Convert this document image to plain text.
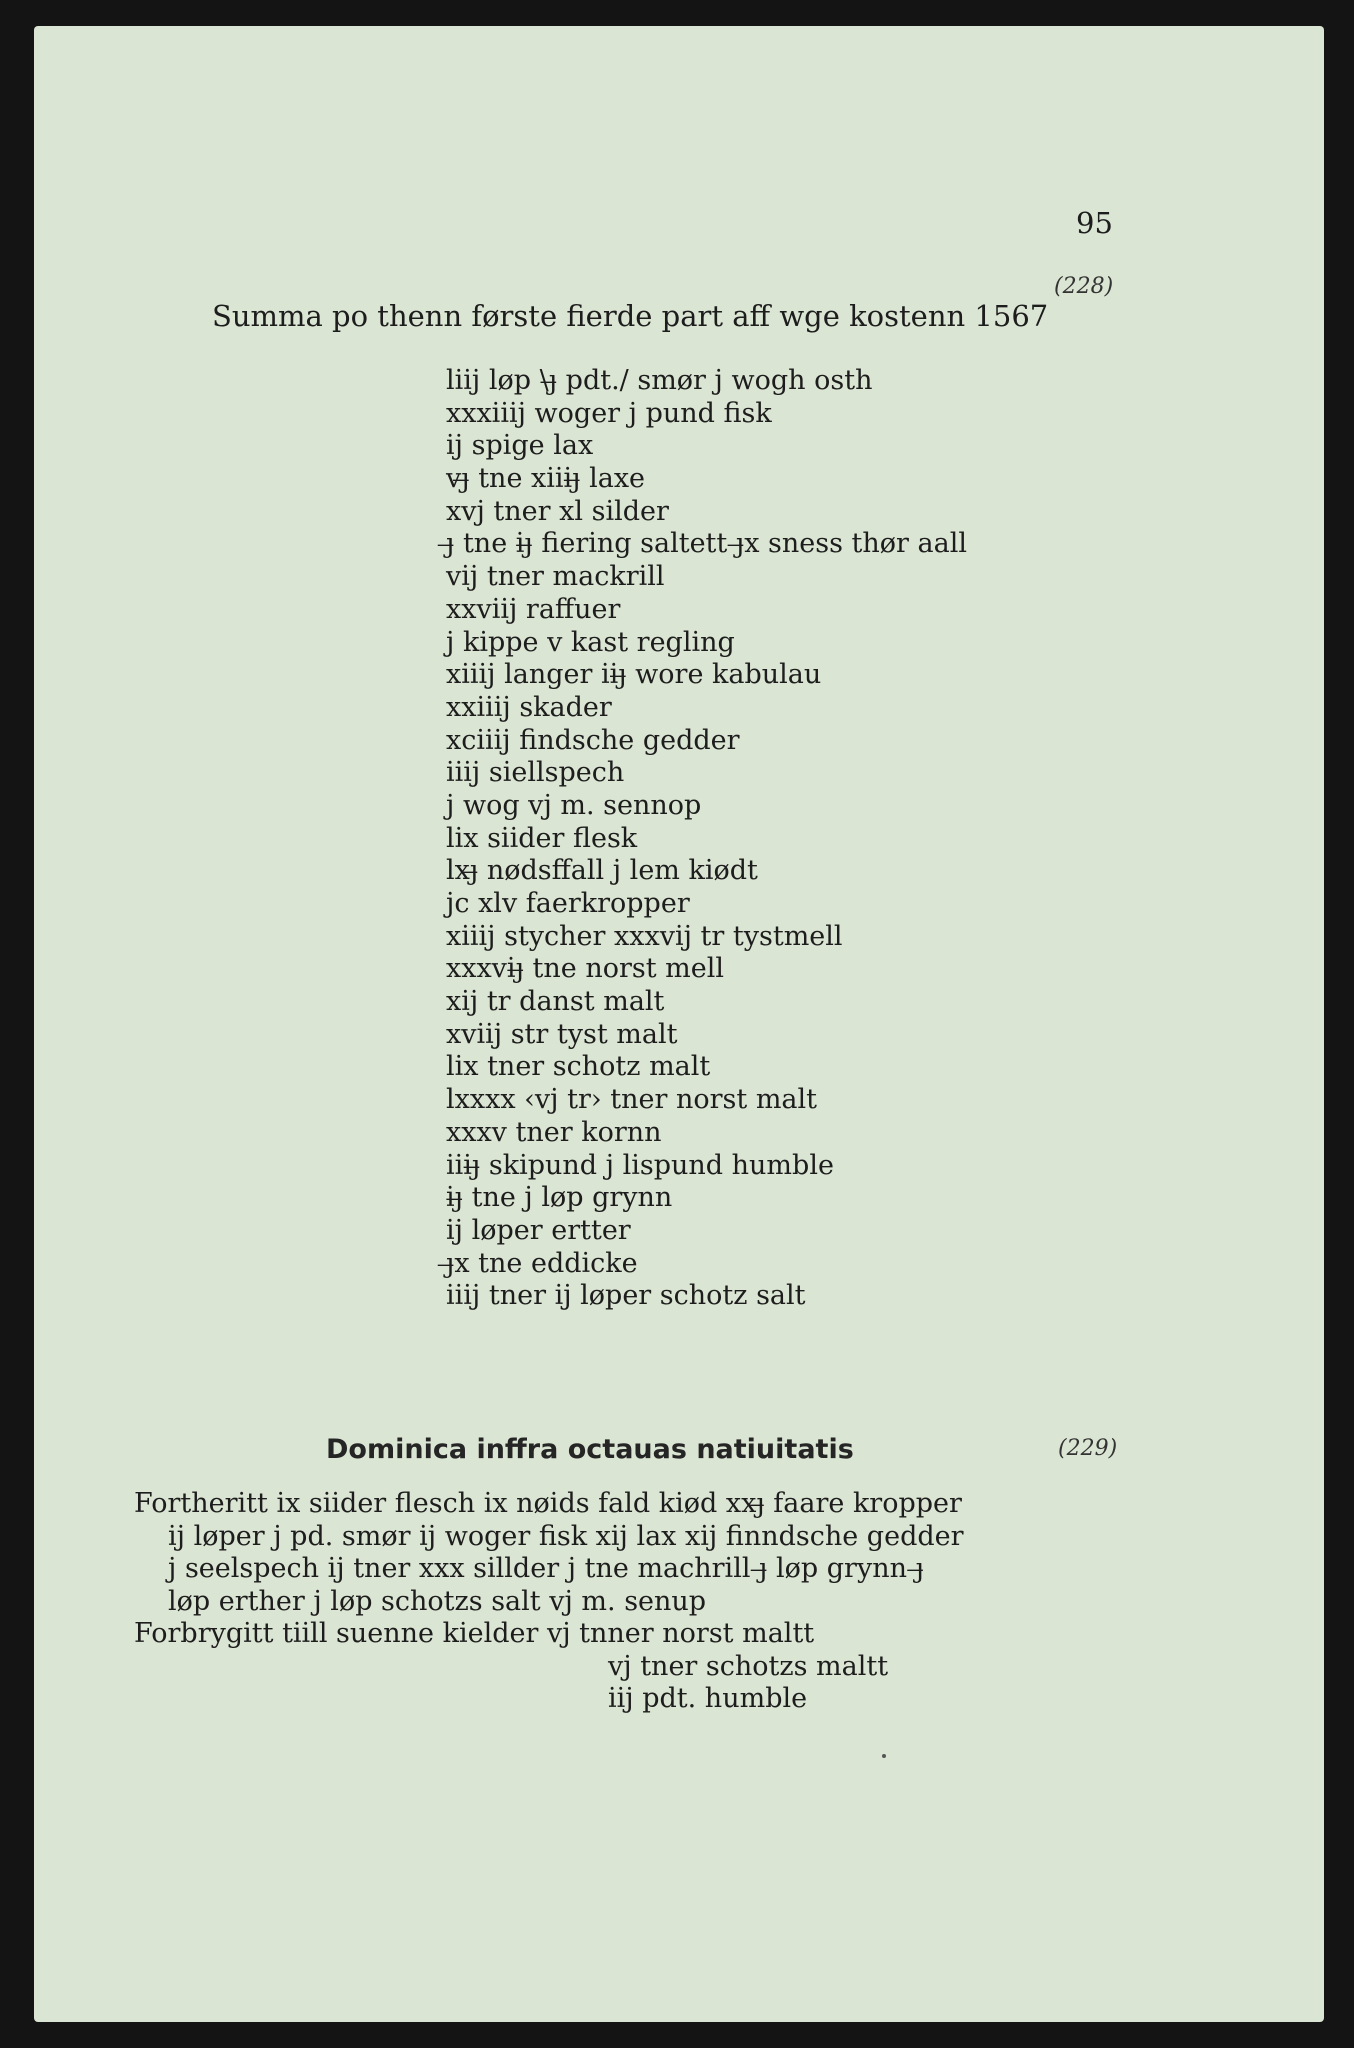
95
(228)
Summa po thenn første fierde part aff wge kostenn 1567
liij løp \ȷ̶ pdt./ smør j wogh osth
xxxiiij woger j pund fisk
ij spige lax
vȷ̶ tne xiiiȷ̶ laxe
xvj tner xl silder
ȷ̶ tne iȷ̶ fiering saltett ȷ̶x sness thør aall
vij tner mackrill
xxviij raffuer
j kippe v kast regling
xiiij langer iiȷ̶ wore kabulau
xxiiij skader
xciiij findsche gedder
iiij siellspech
j wog vj m. sennop
lix siider flesk
lxȷ̶ nødsffall j lem kiødt
jc xlv faerkropper
xiiij stycher xxxvij tr tystmell
xxxviȷ̶ tne norst mell
xij tr danst malt
xviij str tyst malt
lix tner schotz malt
lxxxx ‹vj tr› tner norst malt
xxxv tner kornn
iiiȷ̶ skipund j lispund humble
iȷ̶ tne j løp grynn
ij løper ertter
ȷ̶x tne eddicke
iiij tner ij løper schotz salt
Dominica inffra octauas natiuitatis	(229)
Fortheritt ix siider flesch ix nøids fald kiød xxȷ̶ faare kropper
ij løper j pd. smør ij woger fisk xij lax xij finndsche gedder
j seelspech ij tner xxx sillder j tne machrill ȷ̶ løp grynn ȷ̶
løp erther j løp schotzs salt vj m. senup
Forbrygitt tiill suenne kielder vj tnner norst maltt
vj tner schotzs maltt
iij pdt. humble
